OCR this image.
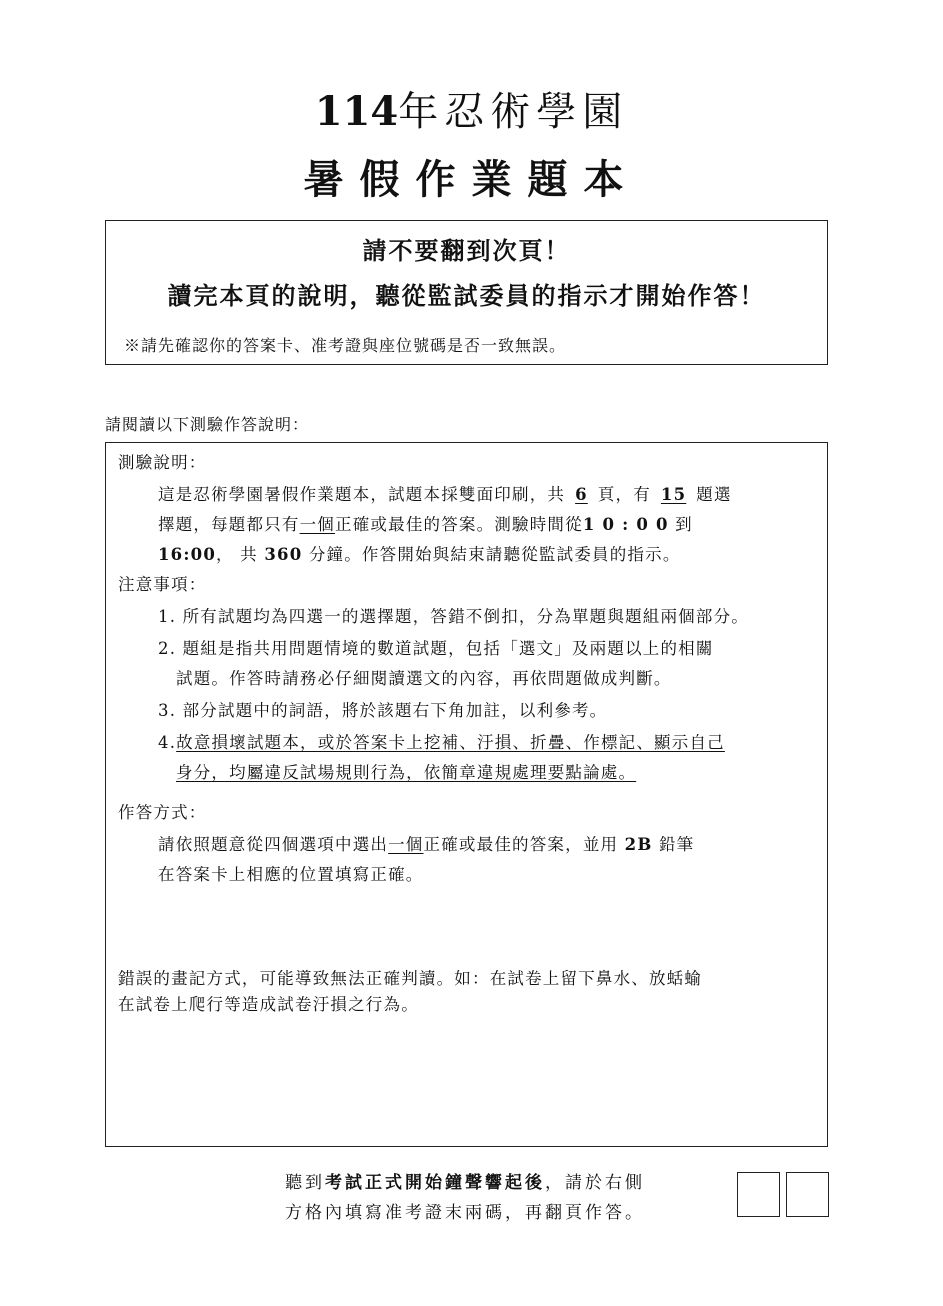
114年忍術學園
暑假作業題本
請不要翻到次頁！
讀完本頁的說明，聽從監試委員的指示才開始作答！
※請先確認你的答案卡、准考證與座位號碼是否一致無誤。
請閱讀以下測驗作答說明：
測驗說明：
這是忍術學園暑假作業題本，試題本採雙面印刷，共 6 頁，有 15 題選
擇題，每題都只有一個正確或最佳的答案。測驗時間從1 0 : 0 0 到
16:00， 共 360 分鐘。作答開始與結束請聽從監試委員的指示。
注意事項：
1. 所有試題均為四選一的選擇題，答錯不倒扣，分為單題與題組兩個部分。
2. 題組是指共用問題情境的數道試題，包括「選文」及兩題以上的相關
試題。作答時請務必仔細閱讀選文的內容，再依問題做成判斷。
3. 部分試題中的詞語，將於該題右下角加註，以利參考。
4.故意損壞試題本，或於答案卡上挖補、汙損、折疊、作標記、顯示自己
身分，均屬違反試場規則行為，依簡章違規處理要點論處。
作答方式：
請依照題意從四個選項中選出一個正確或最佳的答案，並用 2B 鉛筆
在答案卡上相應的位置填寫正確。
錯誤的畫記方式，可能導致無法正確判讀。如：在試卷上留下鼻水、放蛞蝓
在試卷上爬行等造成試卷汙損之行為。
聽到考試正式開始鐘聲響起後，請於右側
方格內填寫准考證末兩碼，再翻頁作答。
